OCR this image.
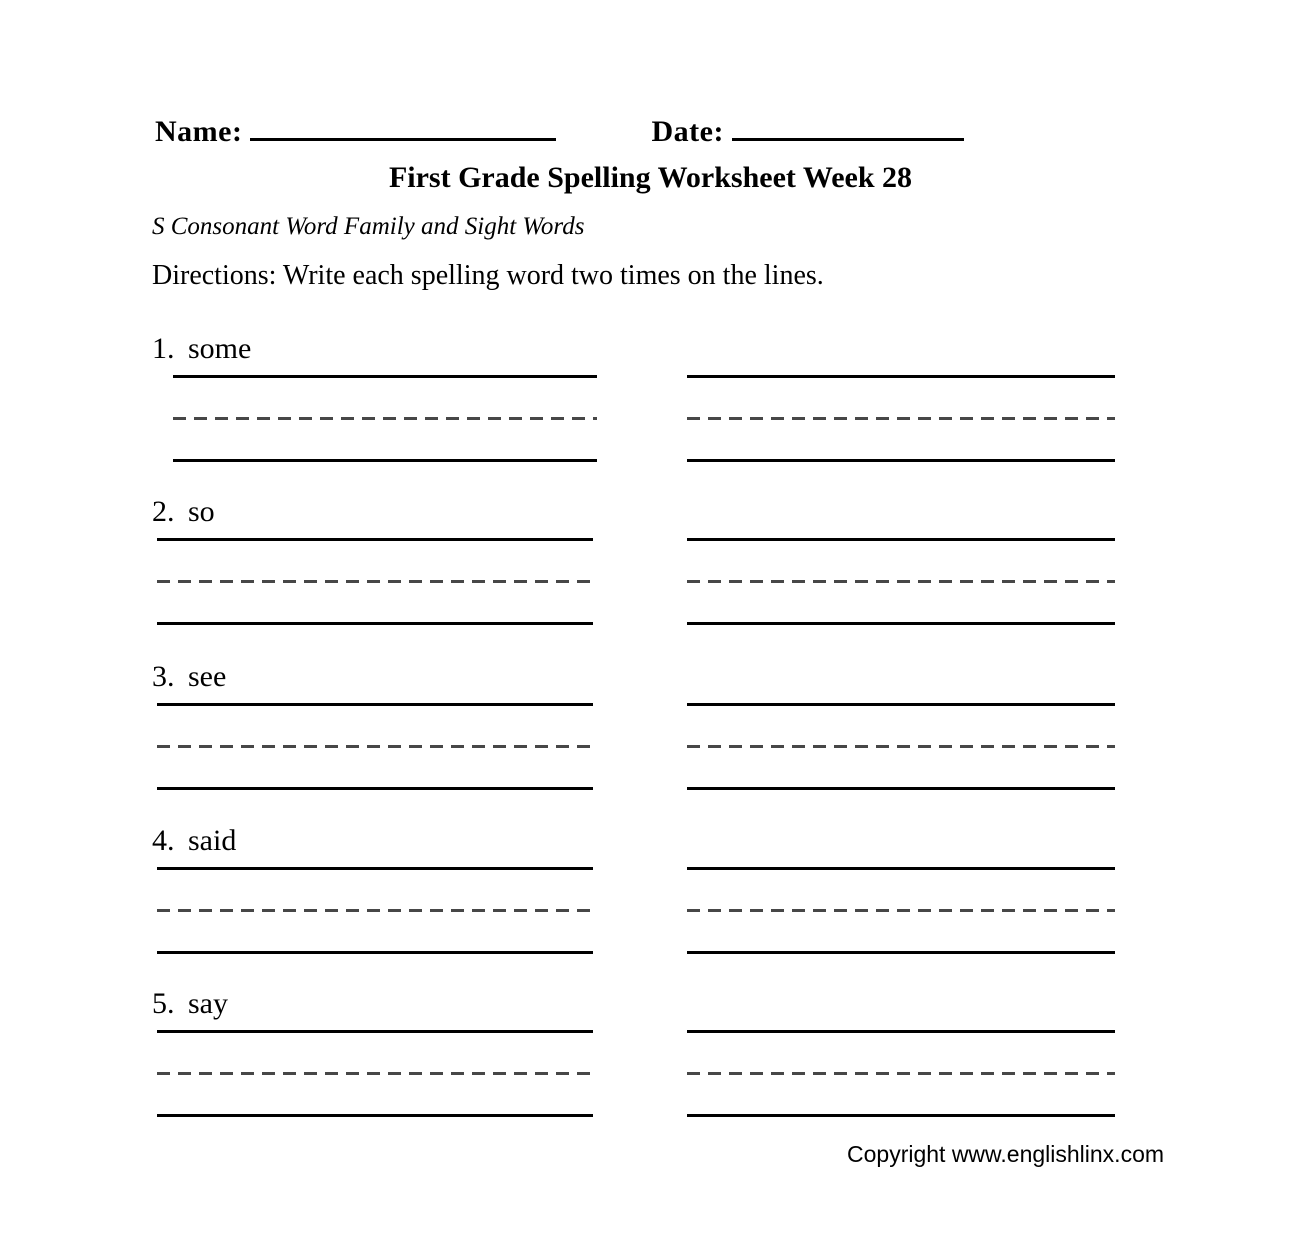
Name:	Date:
First Grade Spelling Worksheet Week 28
S Consonant Word Family and Sight Words
Directions: Write each spelling word two times on the lines.
1. some
2. so
3. see
4. said
5. say
Copyright www.englishlinx.com
